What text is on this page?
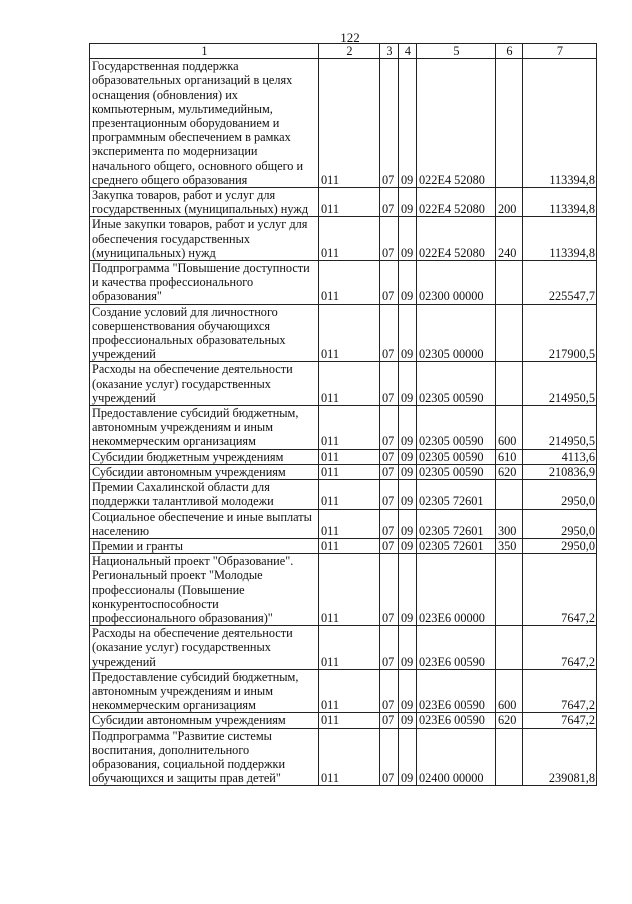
122
1	2	3	4	5	6	7
Государственная поддержка образовательных организаций в целях оснащения (обновления) их компьютерным, мультимедийным, презентационным оборудованием и программным обеспечением в рамках эксперимента по модернизации начального общего, основного общего и среднего общего образования	011	07	09	022Е4 52080		113394,8
Закупка товаров, работ и услуг для государственных (муниципальных) нужд	011	07	09	022Е4 52080	200	113394,8
Иные закупки товаров, работ и услуг для обеспечения государственных (муниципальных) нужд	011	07	09	022Е4 52080	240	113394,8
Подпрограмма "Повышение доступности и качества профессионального образования"	011	07	09	02300 00000		225547,7
Создание условий для личностного совершенствования обучающихся профессиональных образовательных учреждений	011	07	09	02305 00000		217900,5
Расходы на обеспечение деятельности (оказание услуг) государственных учреждений	011	07	09	02305 00590		214950,5
Предоставление субсидий бюджетным, автономным учреждениям и иным некоммерческим организациям	011	07	09	02305 00590	600	214950,5
Субсидии бюджетным учреждениям	011	07	09	02305 00590	610	4113,6
Субсидии автономным учреждениям	011	07	09	02305 00590	620	210836,9
Премии Сахалинской области для поддержки талантливой молодежи	011	07	09	02305 72601		2950,0
Социальное обеспечение и иные выплаты населению	011	07	09	02305 72601	300	2950,0
Премии и гранты	011	07	09	02305 72601	350	2950,0
Национальный проект "Образование". Региональный проект "Молодые профессионалы (Повышение конкурентоспособности профессионального образования)"	011	07	09	023Е6 00000		7647,2
Расходы на обеспечение деятельности (оказание услуг) государственных учреждений	011	07	09	023Е6 00590		7647,2
Предоставление субсидий бюджетным, автономным учреждениям и иным некоммерческим организациям	011	07	09	023Е6 00590	600	7647,2
Субсидии автономным учреждениям	011	07	09	023Е6 00590	620	7647,2
Подпрограмма "Развитие системы воспитания, дополнительного образования, социальной поддержки обучающихся и защиты прав детей"	011	07	09	02400 00000		239081,8
